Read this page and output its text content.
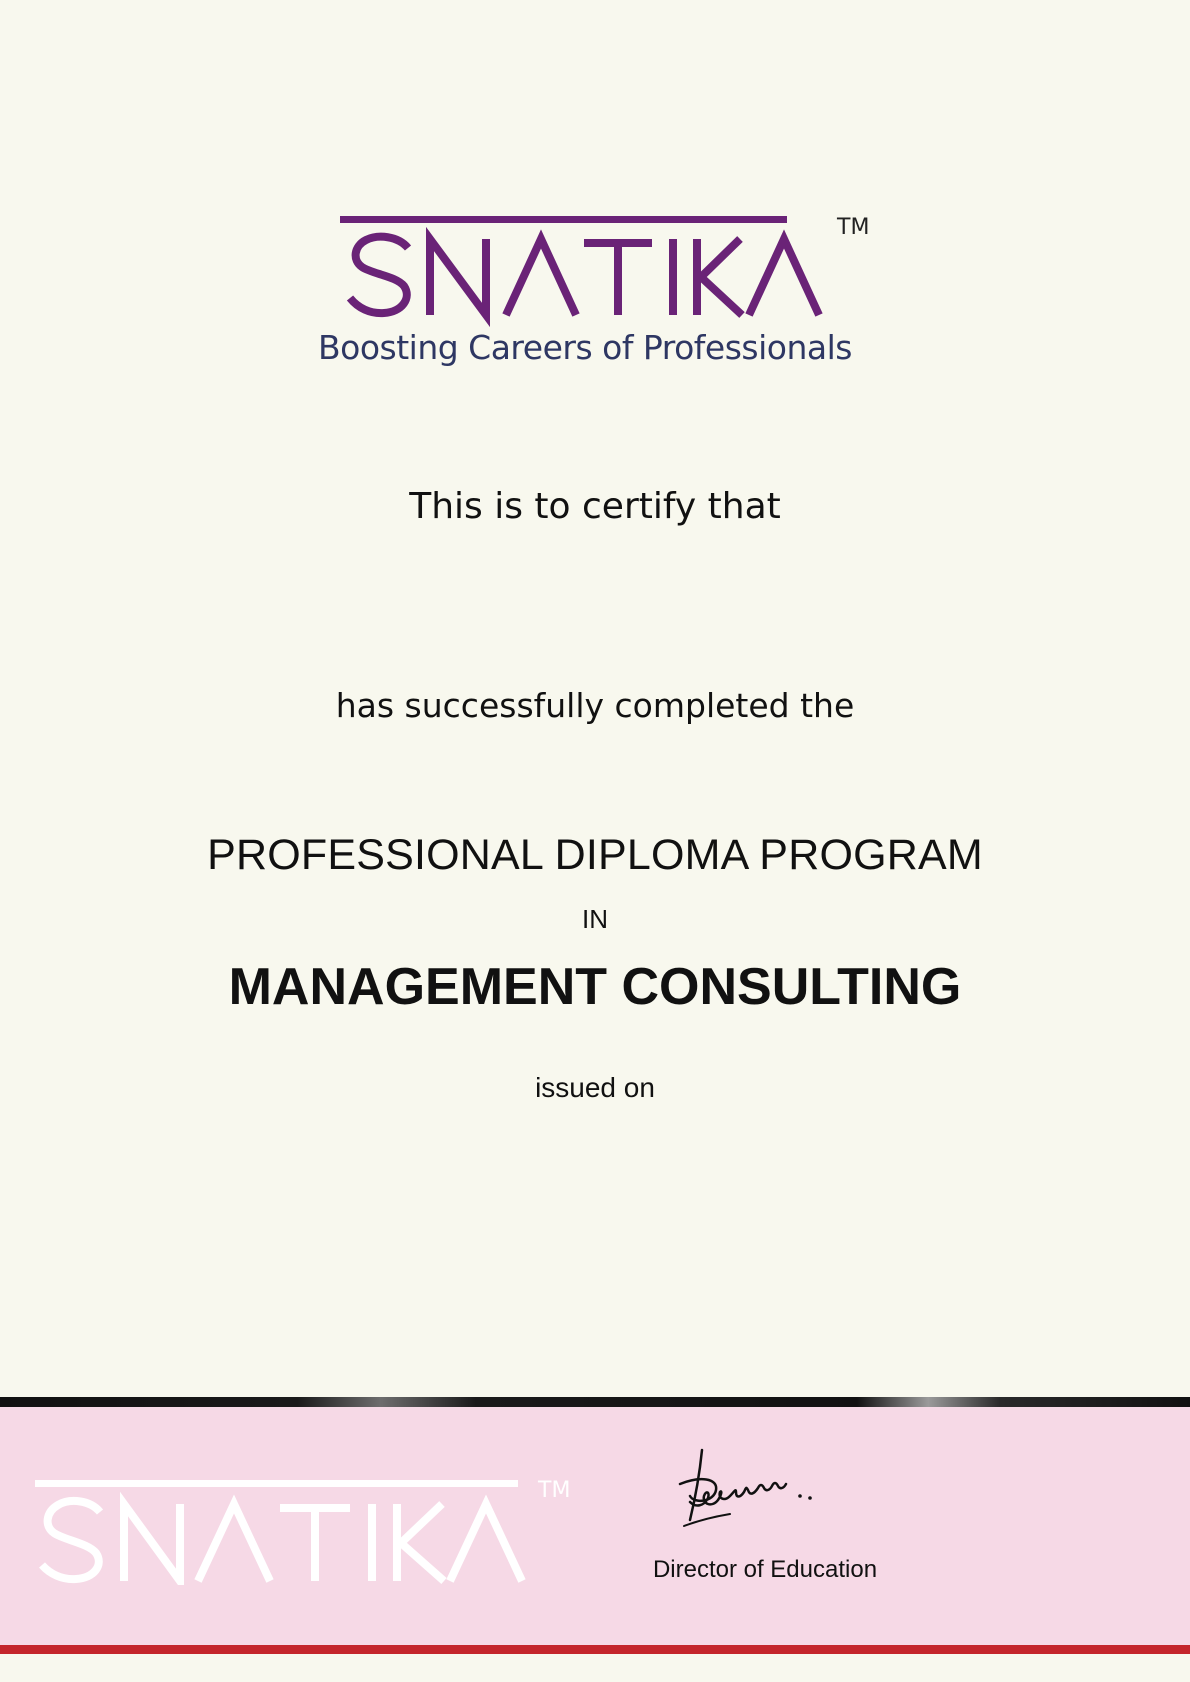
TM
Boosting Careers of Professionals
This is to certify that
has successfully completed the
PROFESSIONAL DIPLOMA PROGRAM
IN
MANAGEMENT CONSULTING
issued on
TM
Director of Education
